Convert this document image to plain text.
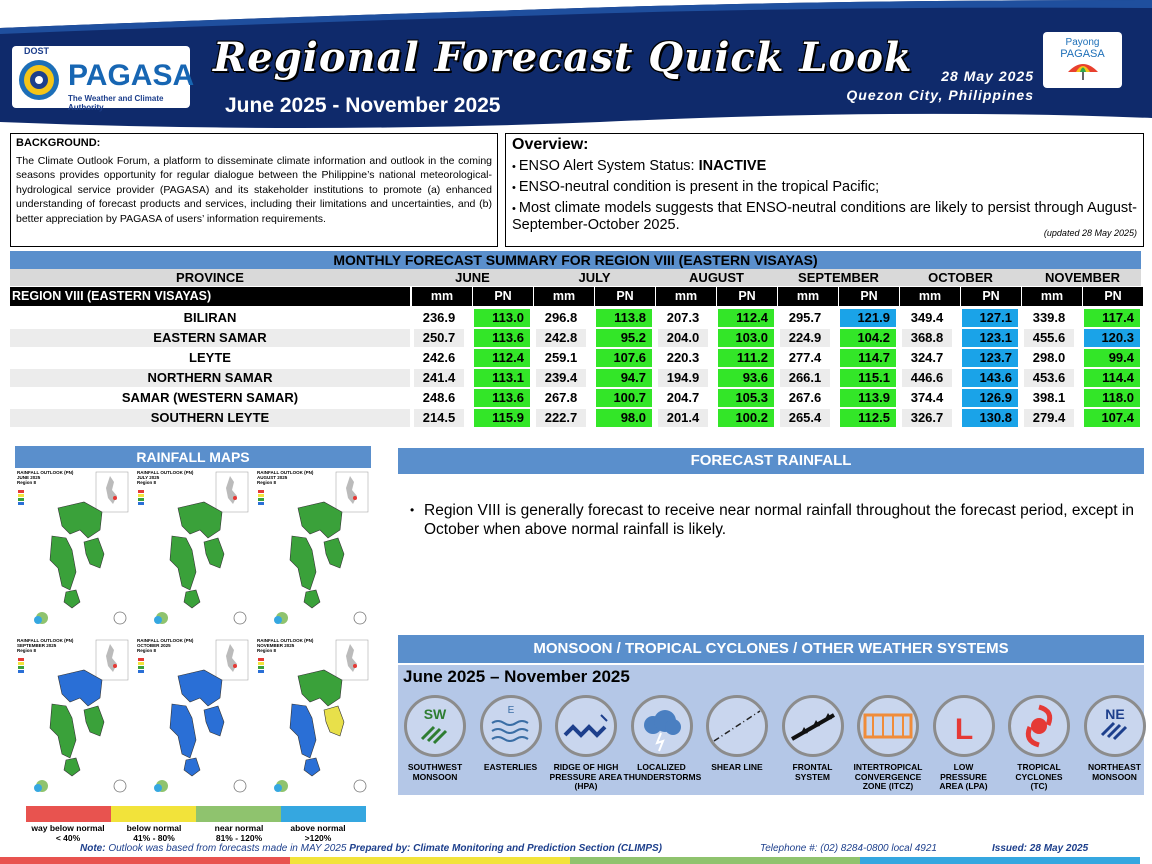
DOST
PAGASA
The Weather and Climate Authority
Regional Forecast Quick Look
June 2025 - November 2025
28 May 2025
Quezon City, Philippines
Payong
PAGASA
BACKGROUND:

The Climate Outlook Forum, a platform to disseminate climate information and outlook in the coming seasons provides opportunity for regular dialogue between the Philippine’s national meteorological-hydrological service provider (PAGASA) and its stakeholder institutions to promote (a) enhanced understanding of forecast products and services, including their limitations and uncertainties, and (b) better appreciation by PAGASA of users’ information requirements.

Overview:
• ENSO Alert System Status: INACTIVE
• ENSO-neutral condition is present in the tropical Pacific;
• Most climate models suggests that ENSO-neutral conditions are likely to persist through August-September-October 2025.	(updated 28 May 2025)
MONTHLY FORECAST SUMMARY FOR REGION VIII (EASTERN VISAYAS)
PROVINCE	JUNE	JULY	AUGUST	SEPTEMBER	OCTOBER	NOVEMBER
REGION VIII (EASTERN VISAYAS)	mm	PN	mm	PN	mm	PN	mm	PN	mm	PN	mm	PN
BILIRAN	236.9	113.0	296.8	113.8	207.3	112.4	295.7	121.9	349.4	127.1	339.8	117.4
EASTERN SAMAR	250.7	113.6	242.8	95.2	204.0	103.0	224.9	104.2	368.8	123.1	455.6	120.3
LEYTE	242.6	112.4	259.1	107.6	220.3	111.2	277.4	114.7	324.7	123.7	298.0	99.4
NORTHERN SAMAR	241.4	113.1	239.4	94.7	194.9	93.6	266.1	115.1	446.6	143.6	453.6	114.4
SAMAR (WESTERN SAMAR)	248.6	113.6	267.8	100.7	204.7	105.3	267.6	113.9	374.4	126.9	398.1	118.0
SOUTHERN LEYTE	214.5	115.9	222.7	98.0	201.4	100.2	265.4	112.5	326.7	130.8	279.4	107.4
RAINFALL MAPS
RAINFALL OUTLOOK (PN)
JUNE 2025
Region 8
RAINFALL OUTLOOK (PN)
JULY 2025
Region 8
RAINFALL OUTLOOK (PN)
AUGUST 2025
Region 8
RAINFALL OUTLOOK (PN)
SEPTEMBER 2025
Region 8
RAINFALL OUTLOOK (PN)
OCTOBER 2025
Region 8
RAINFALL OUTLOOK (PN)
NOVEMBER 2025
Region 8
way below normal
< 40%
below normal
41% - 80%
near normal
81% - 120%
above normal
>120%
FORECAST RAINFALL
• Region VIII is generally forecast to receive near normal rainfall throughout the forecast period, except in October when above normal rainfall is likely.
MONSOON / TROPICAL CYCLONES / OTHER WEATHER SYSTEMS
June 2025 – November 2025
SW
SOUTHWEST
MONSOON
E
EASTERLIES	RIDGE OF HIGH
PRESSURE AREA
(HPA)
LOCALIZED
THUNDERSTORMS
SHEAR LINE	FRONTAL
SYSTEM
INTERTROPICAL
CONVERGENCE
ZONE (ITCZ)
L
LOW
PRESSURE
AREA (LPA)
TROPICAL
CYCLONES
(TC)
NE
NORTHEAST
MONSOON
Note: Outlook was based from forecasts made in MAY 2025 Prepared by: Climate Monitoring and Prediction Section (CLIMPS)	Telephone #: (02) 8284-0800 local 4921	Issued: 28 May 2025
